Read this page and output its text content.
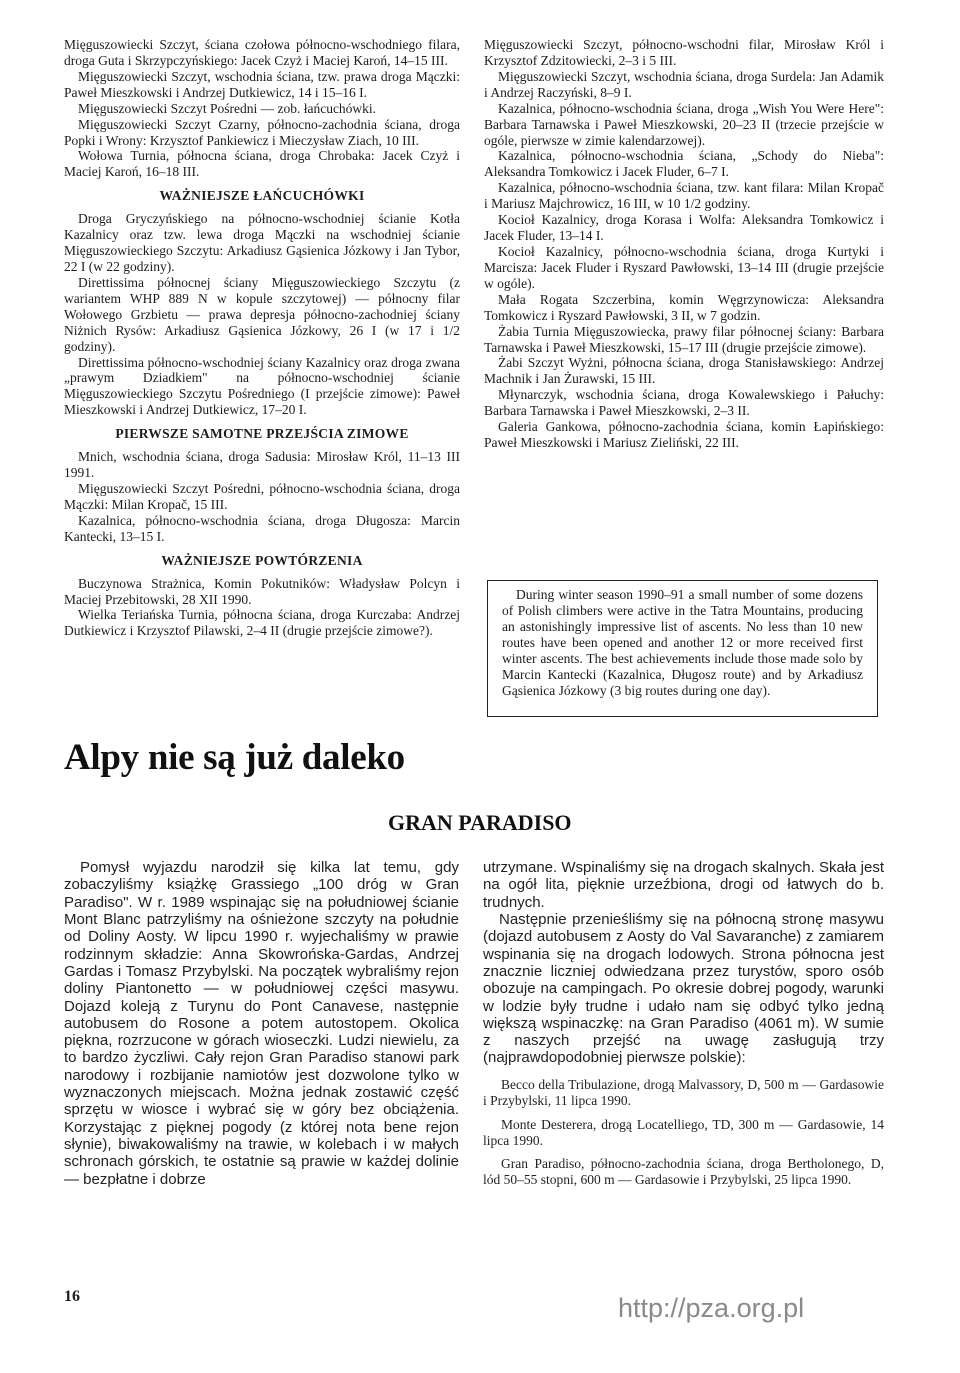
Mięguszowiecki Szczyt, ściana czołowa północno-wschodniego filara, droga Guta i Skrzypczyńskiego: Jacek Czyż i Maciej Karoń, 14–15 III.

Mięguszowiecki Szczyt, wschodnia ściana, tzw. prawa droga Mączki: Paweł Mieszkowski i Andrzej Dutkiewicz, 14 i 15–16 I.

Mięguszowiecki Szczyt Pośredni — zob. łańcuchówki.

Mięguszowiecki Szczyt Czarny, północno-zachodnia ściana, droga Popki i Wrony: Krzysztof Pankiewicz i Mieczysław Ziach, 10 III.

Wołowa Turnia, północna ściana, droga Chrobaka: Jacek Czyż i Maciej Karoń, 16–18 III.

WAŻNIEJSZE ŁAŃCUCHÓWKI

Droga Gryczyńskiego na północno-wschodniej ścianie Kotła Kazalnicy oraz tzw. lewa droga Mączki na wschodniej ścianie Mięguszowieckiego Szczytu: Arkadiusz Gąsienica Józkowy i Jan Tybor, 22 I (w 22 godziny).

Direttissima północnej ściany Mięguszowieckiego Szczytu (z wariantem WHP 889 N w kopule szczytowej) — północny filar Wołowego Grzbietu — prawa depresja północno-zachodniej ściany Niżnich Rysów: Arkadiusz Gąsienica Józkowy, 26 I (w 17 i 1/2 godziny).

Direttissima północno-wschodniej ściany Kazalnicy oraz droga zwana „prawym Dziadkiem" na północno-wschodniej ścianie Mięguszowieckiego Szczytu Pośredniego (I przejście zimowe): Paweł Mieszkowski i Andrzej Dutkiewicz, 17–20 I.

PIERWSZE SAMOTNE PRZEJŚCIA ZIMOWE

Mnich, wschodnia ściana, droga Sadusia: Mirosław Król, 11–13 III 1991.

Mięguszowiecki Szczyt Pośredni, północno-wschodnia ściana, droga Mączki: Milan Kropač, 15 III.

Kazalnica, północno-wschodnia ściana, droga Długosza: Marcin Kantecki, 13–15 I.

WAŻNIEJSZE POWTÓRZENIA

Buczynowa Strażnica, Komin Pokutników: Władysław Polcyn i Maciej Przebitowski, 28 XII 1990.

Wielka Teriańska Turnia, północna ściana, droga Kurczaba: Andrzej Dutkiewicz i Krzysztof Pilawski, 2–4 II (drugie przejście zimowe?).

Mięguszowiecki Szczyt, północno-wschodni filar, Mirosław Król i Krzysztof Zdzitowiecki, 2–3 i 5 III.

Mięguszowiecki Szczyt, wschodnia ściana, droga Surdela: Jan Adamik i Andrzej Raczyński, 8–9 I.

Kazalnica, północno-wschodnia ściana, droga „Wish You Were Here": Barbara Tarnawska i Paweł Mieszkowski, 20–23 II (trzecie przejście w ogóle, pierwsze w zimie kalendarzowej).

Kazalnica, północno-wschodnia ściana, „Schody do Nieba": Aleksandra Tomkowicz i Jacek Fluder, 6–7 I.

Kazalnica, północno-wschodnia ściana, tzw. kant filara: Milan Kropač i Mariusz Majchrowicz, 16 III, w 10 1/2 godziny.

Kocioł Kazalnicy, droga Korasa i Wolfa: Aleksandra Tomkowicz i Jacek Fluder, 13–14 I.

Kocioł Kazalnicy, północno-wschodnia ściana, droga Kurtyki i Marcisza: Jacek Fluder i Ryszard Pawłowski, 13–14 III (drugie przejście w ogóle).

Mała Rogata Szczerbina, komin Węgrzynowicza: Aleksandra Tomkowicz i Ryszard Pawłowski, 3 II, w 7 godzin.

Żabia Turnia Mięguszowiecka, prawy filar północnej ściany: Barbara Tarnawska i Paweł Mieszkowski, 15–17 III (drugie przejście zimowe).

Żabi Szczyt Wyżni, północna ściana, droga Stanisławskiego: Andrzej Machnik i Jan Żurawski, 15 III.

Młynarczyk, wschodnia ściana, droga Kowalewskiego i Pałuchy: Barbara Tarnawska i Paweł Mieszkowski, 2–3 II.

Galeria Gankowa, północno-zachodnia ściana, komin Łapińskiego: Paweł Mieszkowski i Mariusz Zieliński, 22 III.

During winter season 1990–91 a small number of some dozens of Polish climbers were active in the Tatra Mountains, producing an astonishingly impressive list of ascents. No less than 10 new routes have been opened and another 12 or more received first winter ascents. The best achievements include those made solo by Marcin Kantecki (Kazalnica, Długosz route) and by Arkadiusz Gąsienica Józkowy (3 big routes during one day).

Alpy nie są już daleko
GRAN PARADISO

Pomysł wyjazdu narodził się kilka lat temu, gdy zobaczyliśmy książkę Grassiego „100 dróg w Gran Paradiso". W r. 1989 wspinając się na południowej ścianie Mont Blanc patrzyliśmy na ośnieżone szczyty na południe od Doliny Aosty. W lipcu 1990 r. wyjechaliśmy w prawie rodzinnym składzie: Anna Skowrońska-Gardas, Andrzej Gardas i Tomasz Przybylski. Na początek wybraliśmy rejon doliny Piantonetto — w południowej części masywu. Dojazd koleją z Turynu do Pont Canavese, następnie autobusem do Rosone a potem autostopem. Okolica piękna, rozrzucone w górach wioseczki. Ludzi niewielu, za to bardzo życzliwi. Cały rejon Gran Paradiso stanowi park narodowy i rozbijanie namiotów jest dozwolone tylko w wyznaczonych miejscach. Można jednak zostawić część sprzętu w wiosce i wybrać się w góry bez obciążenia. Korzystając z pięknej pogody (z której nota bene rejon słynie), biwakowaliśmy na trawie, w kolebach i w małych schronach górskich, te ostatnie są prawie w każdej dolinie — bezpłatne i dobrze

utrzymane. Wspinaliśmy się na drogach skalnych. Skała jest na ogół lita, pięknie urzeźbiona, drogi od łatwych do b. trudnych.

Następnie przenieśliśmy się na północną stronę masywu (dojazd autobusem z Aosty do Val Savaranche) z zamiarem wspinania się na drogach lodowych. Strona północna jest znacznie liczniej odwiedzana przez turystów, sporo osób obozuje na campingach. Po okresie dobrej pogody, warunki w lodzie były trudne i udało nam się odbyć tylko jedną większą wspinaczkę: na Gran Paradiso (4061 m). W sumie z naszych przejść na uwagę zasługują trzy (najprawdopodobniej pierwsze polskie):

Becco della Tribulazione, drogą Malvassory, D, 500 m — Gardasowie i Przybylski, 11 lipca 1990.

Monte Desterera, drogą Locatelliego, TD, 300 m — Gardasowie, 14 lipca 1990.

Gran Paradiso, północno-zachodnia ściana, droga Bertholonego, D, lód 50–55 stopni, 600 m — Gardasowie i Przybylski, 25 lipca 1990.

16	http://pza.org.pl
